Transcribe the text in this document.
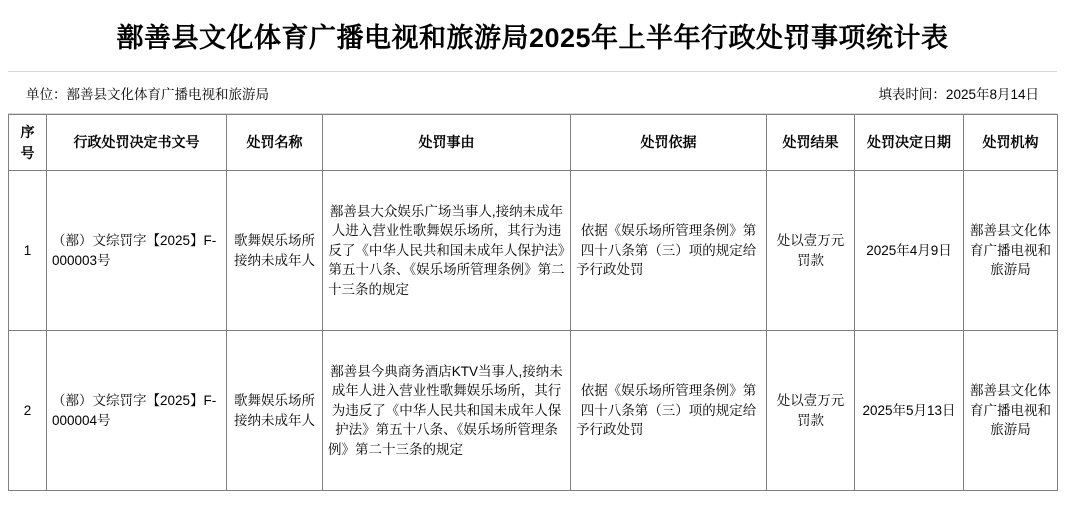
鄯善县文化体育广播电视和旅游局2025年上半年行政处罚事项统计表
单位：鄯善县文化体育广播电视和旅游局	填表时间：2025年8月14日
序号	行政处罚决定书文号	处罚名称	处罚事由	处罚依据	处罚结果	处罚决定日期	处罚机构
1	（鄯）文综罚字【2025】F-000003号	歌舞娱乐场所接纳未成年人	鄯善县大众娱乐广场当事人,接纳未成年人进入营业性歌舞娱乐场所，其行为违反了《中华人民共和国未成年人保护法》第五十八条、《娱乐场所管理条例》第二十三条的规定	依据《娱乐场所管理条例》第四十八条第（三）项的规定给予行政处罚	处以壹万元罚款	2025年4月9日	鄯善县文化体育广播电视和旅游局
2	（鄯）文综罚字【2025】F-000004号	歌舞娱乐场所接纳未成年人	鄯善县今典商务酒店KTV当事人,接纳未成年人进入营业性歌舞娱乐场所，其行为违反了《中华人民共和国未成年人保护法》第五十八条、《娱乐场所管理条例》第二十三条的规定	依据《娱乐场所管理条例》第四十八条第（三）项的规定给予行政处罚	处以壹万元罚款	2025年5月13日	鄯善县文化体育广播电视和旅游局
